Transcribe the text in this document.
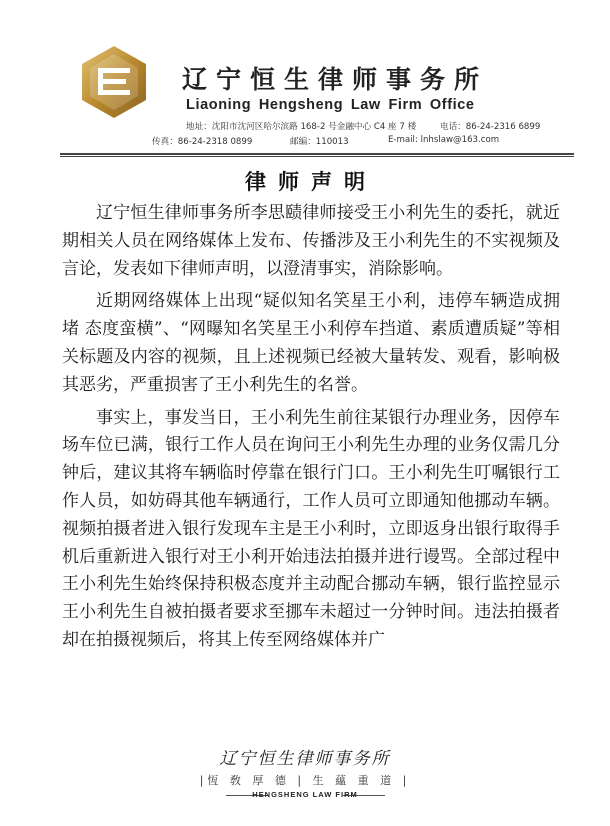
辽宁恒生律师事务所
Liaoning Hengsheng Law Firm Office
地址：沈阳市沈河区哈尔滨路 168-2 号金融中心 C4 座 7 楼	电话：86-24-2316 6899
传真：86-24-2318 0899	邮编：110013	E-mail: lnhslaw@163.com
律师声明

辽宁恒生律师事务所李思赜律师接受王小利先生的委托，就近期相关人员在网络媒体上发布、传播涉及王小利先生的不实视频及言论，发表如下律师声明，以澄清事实，消除影响。

近期网络媒体上出现“疑似知名笑星王小利，违停车辆造成拥堵 态度蛮横”、“网曝知名笑星王小利停车挡道、素质遭质疑”等相关标题及内容的视频，且上述视频已经被大量转发、观看，影响极其恶劣，严重损害了王小利先生的名誉。

事实上，事发当日，王小利先生前往某银行办理业务，因停车场车位已满，银行工作人员在询问王小利先生办理的业务仅需几分钟后，建议其将车辆临时停靠在银行门口。王小利先生叮嘱银行工作人员，如妨碍其他车辆通行，工作人员可立即通知他挪动车辆。视频拍摄者进入银行发现车主是王小利时，立即返身出银行取得手机后重新进入银行对王小利开始违法拍摄并进行谩骂。全部过程中王小利先生始终保持积极态度并主动配合挪动车辆，银行监控显示王小利先生自被拍摄者要求至挪车未超过一分钟时间。违法拍摄者却在拍摄视频后，将其上传至网络媒体并广

辽宁恒生律师事务所
|恆 敎 厚 德 | 生 蘊 重 道 |
HENGSHENG LAW FIRM
